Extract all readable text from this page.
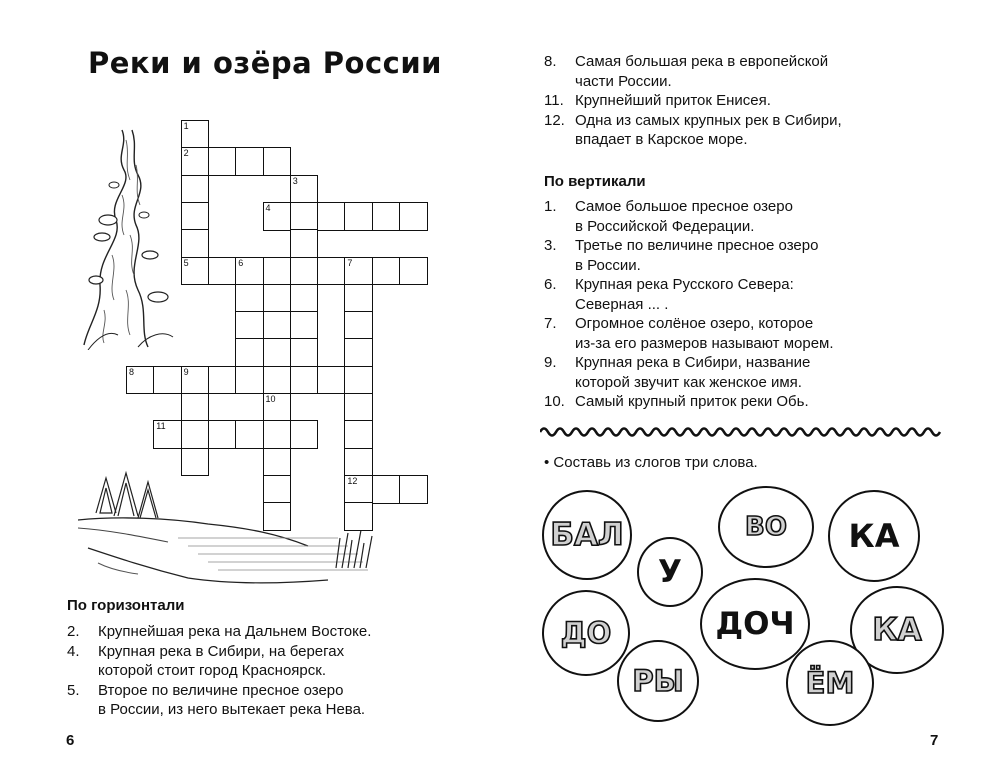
Реки и озёра России
1
2
3
4
5	6	7
8	9
10
11
12
По горизонтали
2. Крупнейшая река на Дальнем Востоке.
4. Крупная река в Сибири, на берегах
которой стоит город Красноярск.
5. Второе по величине пресное озеро
в России, из него вытекает река Нева.
6
8. Самая большая река в европейской
части России.
11. Крупнейший приток Енисея.
12. Одна из самых крупных рек в Сибири,
впадает в Карское море.
1. Самое большое пресное озеро
в Российской Федерации.
3. Третье по величине пресное озеро
в России.
6. Крупная река Русского Севера:
Северная ... .
7. Огромное солёное озеро, которое
из-за его размеров называют морем.
9. Крупная река в Сибири, название
которой звучит как женское имя.
10. Самый крупный приток реки Обь.
По вертикали
• Составь из слогов три слова.
БАЛ	ВО КА
У
ДОЧ
ДО	КА
РЫ	ЁМ
7
